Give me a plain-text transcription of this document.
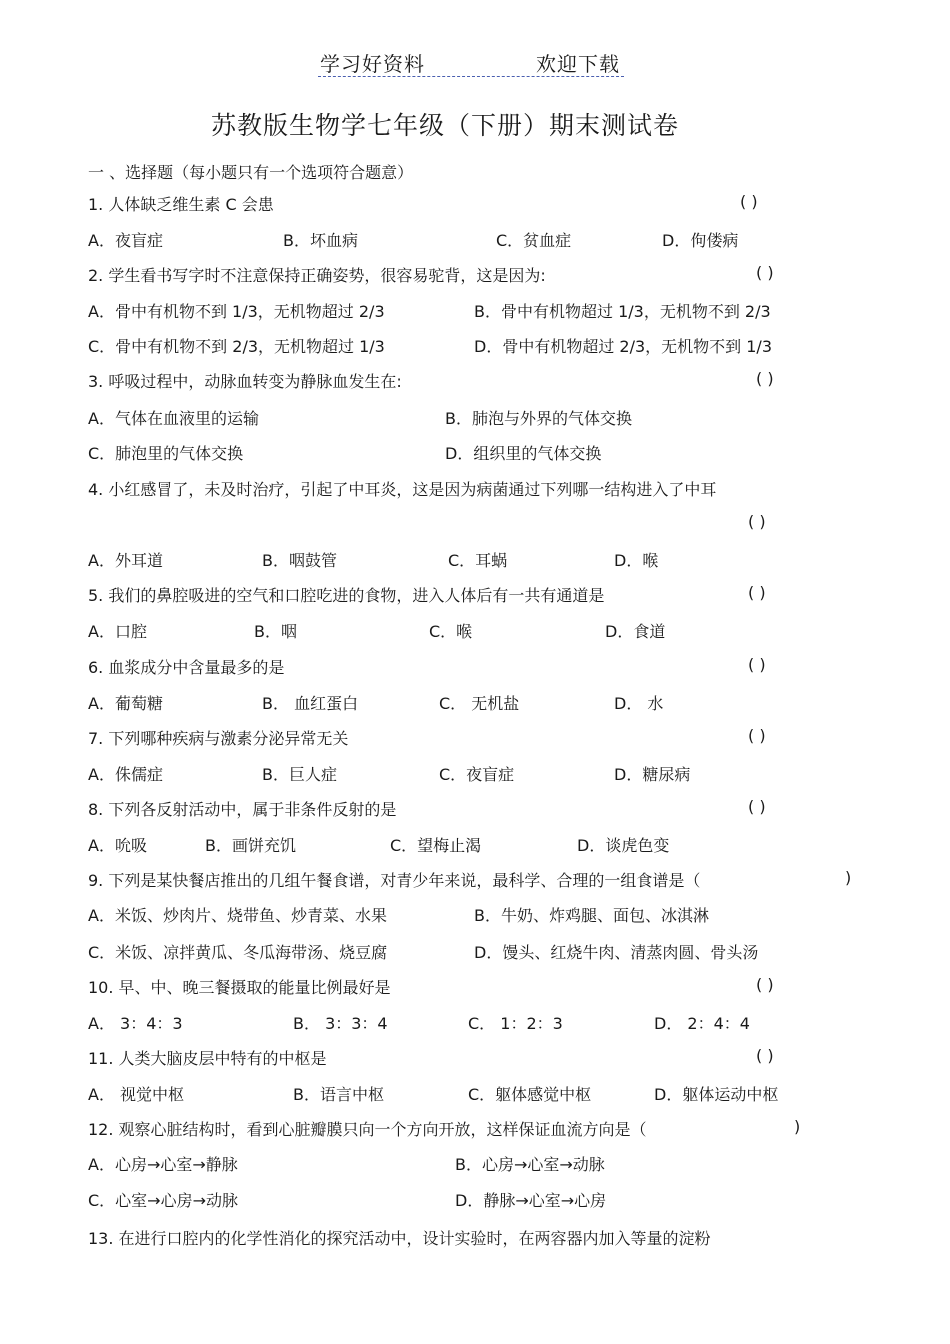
学习好资料	欢迎下载
苏教版生物学七年级（下册）期末测试卷
一 、选择题（每小题只有一个选项符合题意）
1. 人体缺乏维生素 C 会患	( )
A．夜盲症	B．坏血病	C．贫血症	D．佝偻病
2. 学生看书写字时不注意保持正确姿势，很容易驼背，这是因为:	( )
A．骨中有机物不到 1/3，无机物超过 2/3	B．骨中有机物超过 1/3，无机物不到 2/3
C．骨中有机物不到 2/3，无机物超过 1/3	D．骨中有机物超过 2/3，无机物不到 1/3
3. 呼吸过程中，动脉血转变为静脉血发生在:	( )
A．气体在血液里的运输	B．肺泡与外界的气体交换
C．肺泡里的气体交换	D．组织里的气体交换
4. 小红感冒了，未及时治疗，引起了中耳炎，这是因为病菌通过下列哪一结构进入了中耳
( )
A．外耳道	B．咽鼓管	C．耳蜗	D．喉
5. 我们的鼻腔吸进的空气和口腔吃进的食物，进入人体后有一共有通道是	( )
A．口腔	B．咽	C．喉	D．食道
6. 血浆成分中含量最多的是	( )
A．葡萄糖	B． 血红蛋白	C． 无机盐	D． 水
7. 下列哪种疾病与激素分泌异常无关	( )
A．侏儒症	B．巨人症	C．夜盲症	D．糖尿病
8. 下列各反射活动中，属于非条件反射的是	( )
A．吮吸	B．画饼充饥	C．望梅止渴	D．谈虎色变
9. 下列是某快餐店推出的几组午餐食谱，对青少年来说，最科学、合理的一组食谱是（	)
A．米饭、炒肉片、烧带鱼、炒青菜、水果	B．牛奶、炸鸡腿、面包、冰淇淋
C．米饭、凉拌黄瓜、冬瓜海带汤、烧豆腐	D．馒头、红烧牛肉、清蒸肉圆、骨头汤
10. 早、中、晚三餐摄取的能量比例最好是	( )
A． 3：4：3	B． 3：3：4	C． 1：2：3	D． 2：4：4
11. 人类大脑皮层中特有的中枢是	( )
A． 视觉中枢	B．语言中枢	C．躯体感觉中枢	D．躯体运动中枢
12. 观察心脏结构时，看到心脏瓣膜只向一个方向开放，这样保证血流方向是（	)
A．心房→心室→静脉	B．心房→心室→动脉
C．心室→心房→动脉	D．静脉→心室→心房
13. 在进行口腔内的化学性消化的探究活动中，设计实验时，在两容器内加入等量的淀粉
